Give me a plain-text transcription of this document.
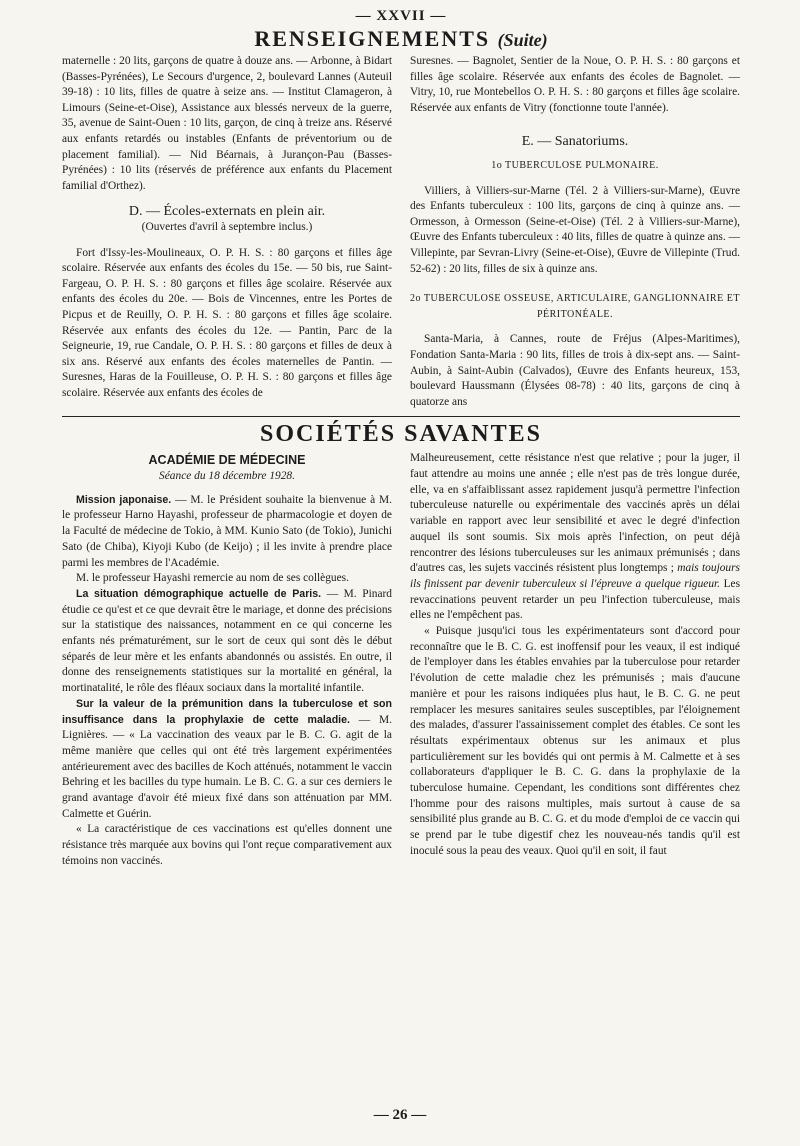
— XXVII —
RENSEIGNEMENTS (Suite)

maternelle : 20 lits, garçons de quatre à douze ans. — Arbonne, à Bidart (Basses-Pyrénées), Le Secours d'urgence, 2, boulevard Lannes (Auteuil 39-18) : 10 lits, filles de quatre à seize ans. — Institut Clamageron, à Limours (Seine-et-Oise), Assistance aux blessés nerveux de la guerre, 35, avenue de Saint-Ouen : 10 lits, garçon, de cinq à treize ans. Réservé aux enfants retardés ou instables (Enfants de préventorium ou de placement familial). — Nid Béarnais, à Jurançon-Pau (Basses-Pyrénées) : 10 lits (réservés de préférence aux enfants du Placement familial d'Orthez).

D. — Écoles-externats en plein air.
(Ouvertes d'avril à septembre inclus.)

Fort d'Issy-les-Moulineaux, O. P. H. S. : 80 garçons et filles âge scolaire. Réservée aux enfants des écoles du 15e. — 50 bis, rue Saint-Fargeau, O. P. H. S. : 80 garçons et filles âge scolaire. Réservée aux enfants des écoles du 20e. — Bois de Vincennes, entre les Portes de Picpus et de Reuilly, O. P. H. S. : 80 garçons et filles âge scolaire. Réservée aux enfants des écoles du 12e. — Pantin, Parc de la Seigneurie, 19, rue Candale, O. P. H. S. : 80 garçons et filles de deux à six ans. Réservé aux enfants des écoles maternelles de Pantin. — Suresnes, Haras de la Fouilleuse, O. P. H. S. : 80 garçons et filles âge scolaire. Réservée aux enfants des écoles de

Suresnes. — Bagnolet, Sentier de la Noue, O. P. H. S. : 80 garçons et filles âge scolaire. Réservée aux enfants des écoles de Bagnolet. — Vitry, 10, rue Montebellos O. P. H. S. : 80 garçons et filles âge scolaire. Réservée aux enfants de Vitry (fonctionne toute l'année).

E. — Sanatoriums.
1o TUBERCULOSE PULMONAIRE.

Villiers, à Villiers-sur-Marne (Tél. 2 à Villiers-sur-Marne), Œuvre des Enfants tuberculeux : 100 lits, garçons de cinq à quinze ans. — Ormesson, à Ormesson (Seine-et-Oise) (Tél. 2 à Villiers-sur-Marne), Œuvre des Enfants tuberculeux : 40 lits, filles de quatre à quinze ans. — Villepinte, par Sevran-Livry (Seine-et-Oise), Œuvre de Villepinte (Trud. 52-62) : 20 lits, filles de six à quinze ans.

2o TUBERCULOSE OSSEUSE, ARTICULAIRE, GANGLIONNAIRE ET PÉRITONÉALE.

Santa-Maria, à Cannes, route de Fréjus (Alpes-Maritimes), Fondation Santa-Maria : 90 lits, filles de trois à dix-sept ans. — Saint-Aubin, à Saint-Aubin (Calvados), Œuvre des Enfants heureux, 153, boulevard Haussmann (Élysées 08-78) : 40 lits, garçons de cinq à quatorze ans

SOCIÉTÉS SAVANTES
ACADÉMIE DE MÉDECINE
Séance du 18 décembre 1928.

Mission japonaise. — M. le Président souhaite la bienvenue à M. le professeur Harno Hayashi, professeur de pharmacologie et doyen de la Faculté de médecine de Tokio, à MM. Kunio Sato (de Tokio), Junichi Sato (de Chiba), Kiyoji Kubo (de Keijo) ; il les invite à prendre place parmi les membres de l'Académie.

M. le professeur Hayashi remercie au nom de ses collègues.

La situation démographique actuelle de Paris. — M. Pinard étudie ce qu'est et ce que devrait être le mariage, et donne des précisions sur la statistique des naissances, notamment en ce qui concerne les enfants nés prématurément, sur le sort de ceux qui sont dès le début séparés de leur mère et les enfants abandonnés ou assistés. En outre, il donne des renseignements statistiques sur la mortalité en général, la mortinatalité, le rôle des fléaux sociaux dans la mortalité infantile.

Sur la valeur de la prémunition dans la tuberculose et son insuffisance dans la prophylaxie de cette maladie. — M. Lignières. — « La vaccination des veaux par le B. C. G. agit de la même manière que celles qui ont été très largement expérimentées antérieurement avec des bacilles de Koch atténués, notamment le vaccin Behring et les bacilles du type humain. Le B. C. G. a sur ces derniers le grand avantage d'avoir été mieux fixé dans son atténuation par MM. Calmette et Guérin.

« La caractéristique de ces vaccinations est qu'elles donnent une résistance très marquée aux bovins qui l'ont reçue comparativement aux témoins non vaccinés.

Malheureusement, cette résistance n'est que relative ; pour la juger, il faut attendre au moins une année ; elle n'est pas de très longue durée, elle, va en s'affaiblissant assez rapidement jusqu'à permettre l'infection tuberculeuse naturelle ou expérimentale des vaccinés après un délai variable en rapport avec leur sensibilité et avec le degré d'infection auquel ils sont soumis. Six mois après l'infection, on peut déjà rencontrer des lésions tuberculeuses sur les animaux prémunisés ; dans d'autres cas, les sujets vaccinés résistent plus longtemps ; mais toujours ils finissent par devenir tuberculeux si l'épreuve a quelque rigueur. Les revaccinations peuvent retarder un peu l'infection tuberculeuse, mais elles ne l'empêchent pas.

« Puisque jusqu'ici tous les expérimentateurs sont d'accord pour reconnaître que le B. C. G. est inoffensif pour les veaux, il est indiqué de l'employer dans les étables envahies par la tuberculose pour retarder l'évolution de cette maladie chez les prémunisés ; mais d'aucune manière et pour les raisons indiquées plus haut, le B. C. G. ne peut remplacer les mesures sanitaires seules susceptibles, par l'éloignement des malades, d'assurer l'assainissement complet des étables. Ce sont les résultats expérimentaux obtenus sur les animaux et plus particulièrement sur les bovidés qui ont permis à M. Calmette et à ses collaborateurs d'appliquer le B. C. G. dans la prophylaxie de la tuberculose humaine. Cependant, les conditions sont différentes chez l'homme pour des raisons multiples, mais surtout à cause de sa sensibilité plus grande au B. C. G. et du mode d'emploi de ce vaccin qui se prend par le tube digestif chez les nouveau-nés tandis qu'il est inoculé sous la peau des veaux. Quoi qu'il en soit, il faut

— 26 —
